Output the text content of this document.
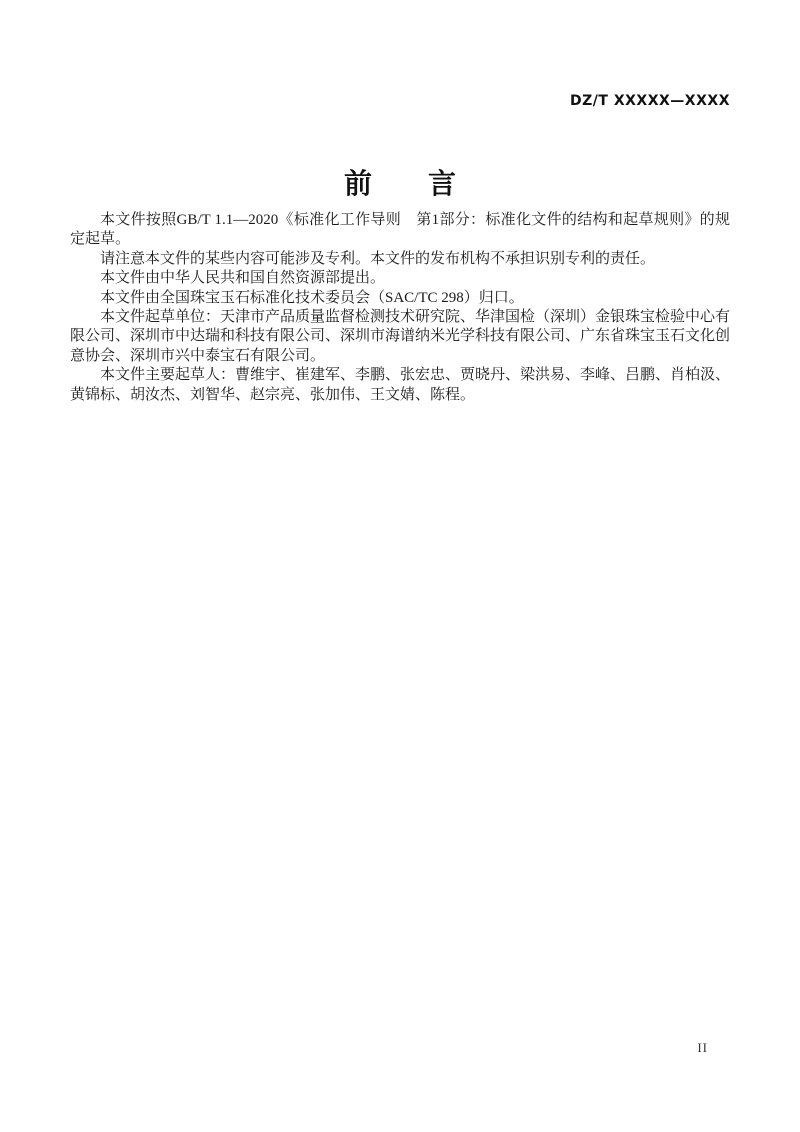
DZ/T XXXXX—XXXX
前　　言

本文件按照GB/T 1.1—2020《标准化工作导则　第1部分：标准化文件的结构和起草规则》的规定起草。

请注意本文件的某些内容可能涉及专利。本文件的发布机构不承担识别专利的责任。

本文件由中华人民共和国自然资源部提出。

本文件由全国珠宝玉石标准化技术委员会（SAC/TC 298）归口。

本文件起草单位：天津市产品质量监督检测技术研究院、华津国检（深圳）金银珠宝检验中心有限公司、深圳市中达瑞和科技有限公司、深圳市海谱纳米光学科技有限公司、广东省珠宝玉石文化创意协会、深圳市兴中泰宝石有限公司。

本文件主要起草人：曹维宇、崔建军、李鹏、张宏忠、贾晓丹、梁洪易、李峰、吕鹏、肖柏汲、黄锦标、胡汝杰、刘智华、赵宗亮、张加伟、王文婧、陈程。

II
